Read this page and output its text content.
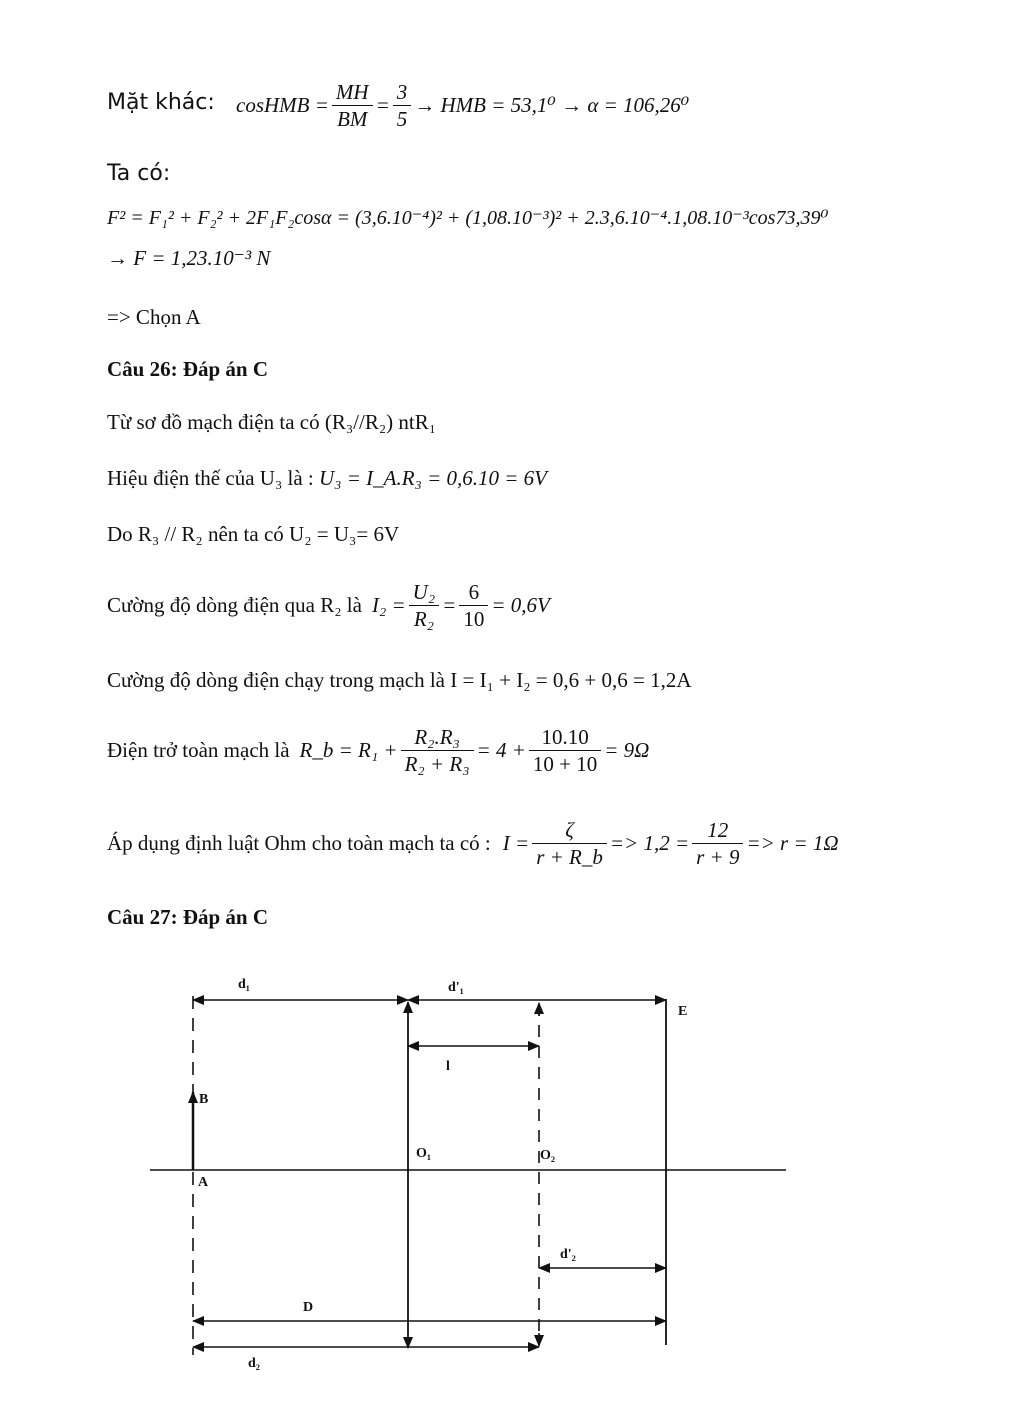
Mặt khác: cosHMB = $\frac{MH}{BM} = \frac{3}{5}$ → HMB = 53,1⁰ → α = 106,26⁰
Ta có:
F² = F₁² + F₂² + 2F₁F₂cosα = (3,6.10⁻⁴)² + (1,08.10⁻³)² + 2.3,6.10⁻⁴.1,08.10⁻³cos73,39⁰
→ F = 1,23.10⁻³ N
=> Chọn A
Câu 26: Đáp án C
Từ sơ đồ mạch điện ta có (R₃//R₂) ntR₁
Hiệu điện thế của U₃ là : U₃ = I_A.R₃ = 0,6.10 = 6V
Do R₃ // R₂ nên ta có U₂ = U₃= 6V
Cường độ dòng điện qua R₂ là $I_2 = \frac{\text{U₂}}{\text{R₂}} = \frac{6}{10} = 0,6V$
Cường độ dòng điện chạy trong mạch là I = I₁ + I₂ = 0,6 + 0,6 = 1,2A
Điện trở toàn mạch là R_b = $R_1 + \frac{\text{R₂.R₃}}{\text{R₂ + R₃}} = 4 + \frac{10.10}{10 + 10} = 9\Omega$
Áp dụng định luật Ohm cho toàn mạch ta có : $I = \frac{\zeta}{r + R\_b} => 1,2 = \frac{12}{r + 9} => r = 1\Omega$
Câu 27: Đáp án C
d₁	d'₁
E
l
B
O₁	O₂
A
d'₂
D
d₂
